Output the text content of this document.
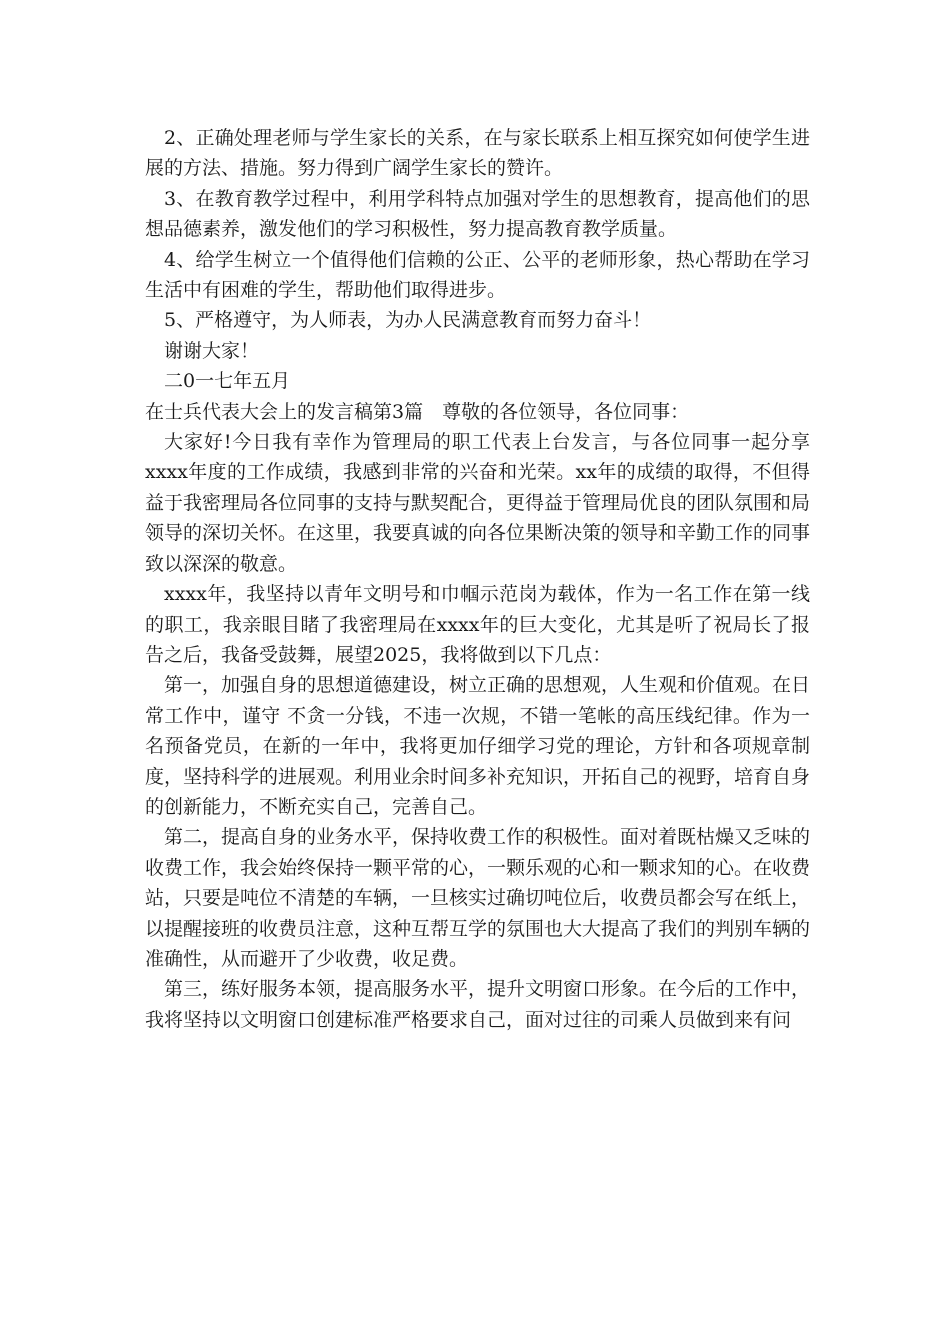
2、正确处理老师与学生家长的关系，在与家长联系上相互探究如何使学生进展的方法、措施。努力得到广阔学生家长的赞许。

3、在教育教学过程中，利用学科特点加强对学生的思想教育，提高他们的思想品德素养，激发他们的学习积极性，努力提高教育教学质量。

4、给学生树立一个值得他们信赖的公正、公平的老师形象，热心帮助在学习生活中有困难的学生，帮助他们取得进步。

5、严格遵守，为人师表，为办人民满意教育而努力奋斗！

谢谢大家！

二0一七年五月

在士兵代表大会上的发言稿第3篇　尊敬的各位领导，各位同事：

大家好!今日我有幸作为管理局的职工代表上台发言，与各位同事一起分享xxxx年度的工作成绩，我感到非常的兴奋和光荣。xx年的成绩的取得，不但得益于我密理局各位同事的支持与默契配合，更得益于管理局优良的团队氛围和局领导的深切关怀。在这里，我要真诚的向各位果断决策的领导和辛勤工作的同事致以深深的敬意。

xxxx年，我坚持以青年文明号和巾帼示范岗为载体，作为一名工作在第一线的职工，我亲眼目睹了我密理局在xxxx年的巨大变化，尤其是听了祝局长了报告之后，我备受鼓舞，展望2025，我将做到以下几点：

第一，加强自身的思想道德建设，树立正确的思想观，人生观和价值观。在日常工作中，谨守 不贪一分钱，不违一次规，不错一笔帐的高压线纪律。作为一名预备党员，在新的一年中，我将更加仔细学习党的理论，方针和各项规章制度，坚持科学的进展观。利用业余时间多补充知识，开拓自己的视野，培育自身的创新能力，不断充实自己，完善自己。

第二，提高自身的业务水平，保持收费工作的积极性。面对着既枯燥又乏味的收费工作，我会始终保持一颗平常的心，一颗乐观的心和一颗求知的心。在收费站，只要是吨位不清楚的车辆，一旦核实过确切吨位后，收费员都会写在纸上，以提醒接班的收费员注意，这种互帮互学的氛围也大大提高了我们的判别车辆的准确性，从而避开了少收费，收足费。

第三，练好服务本领，提高服务水平，提升文明窗口形象。在今后的工作中，我将坚持以文明窗口创建标准严格要求自己，面对过往的司乘人员做到来有问
